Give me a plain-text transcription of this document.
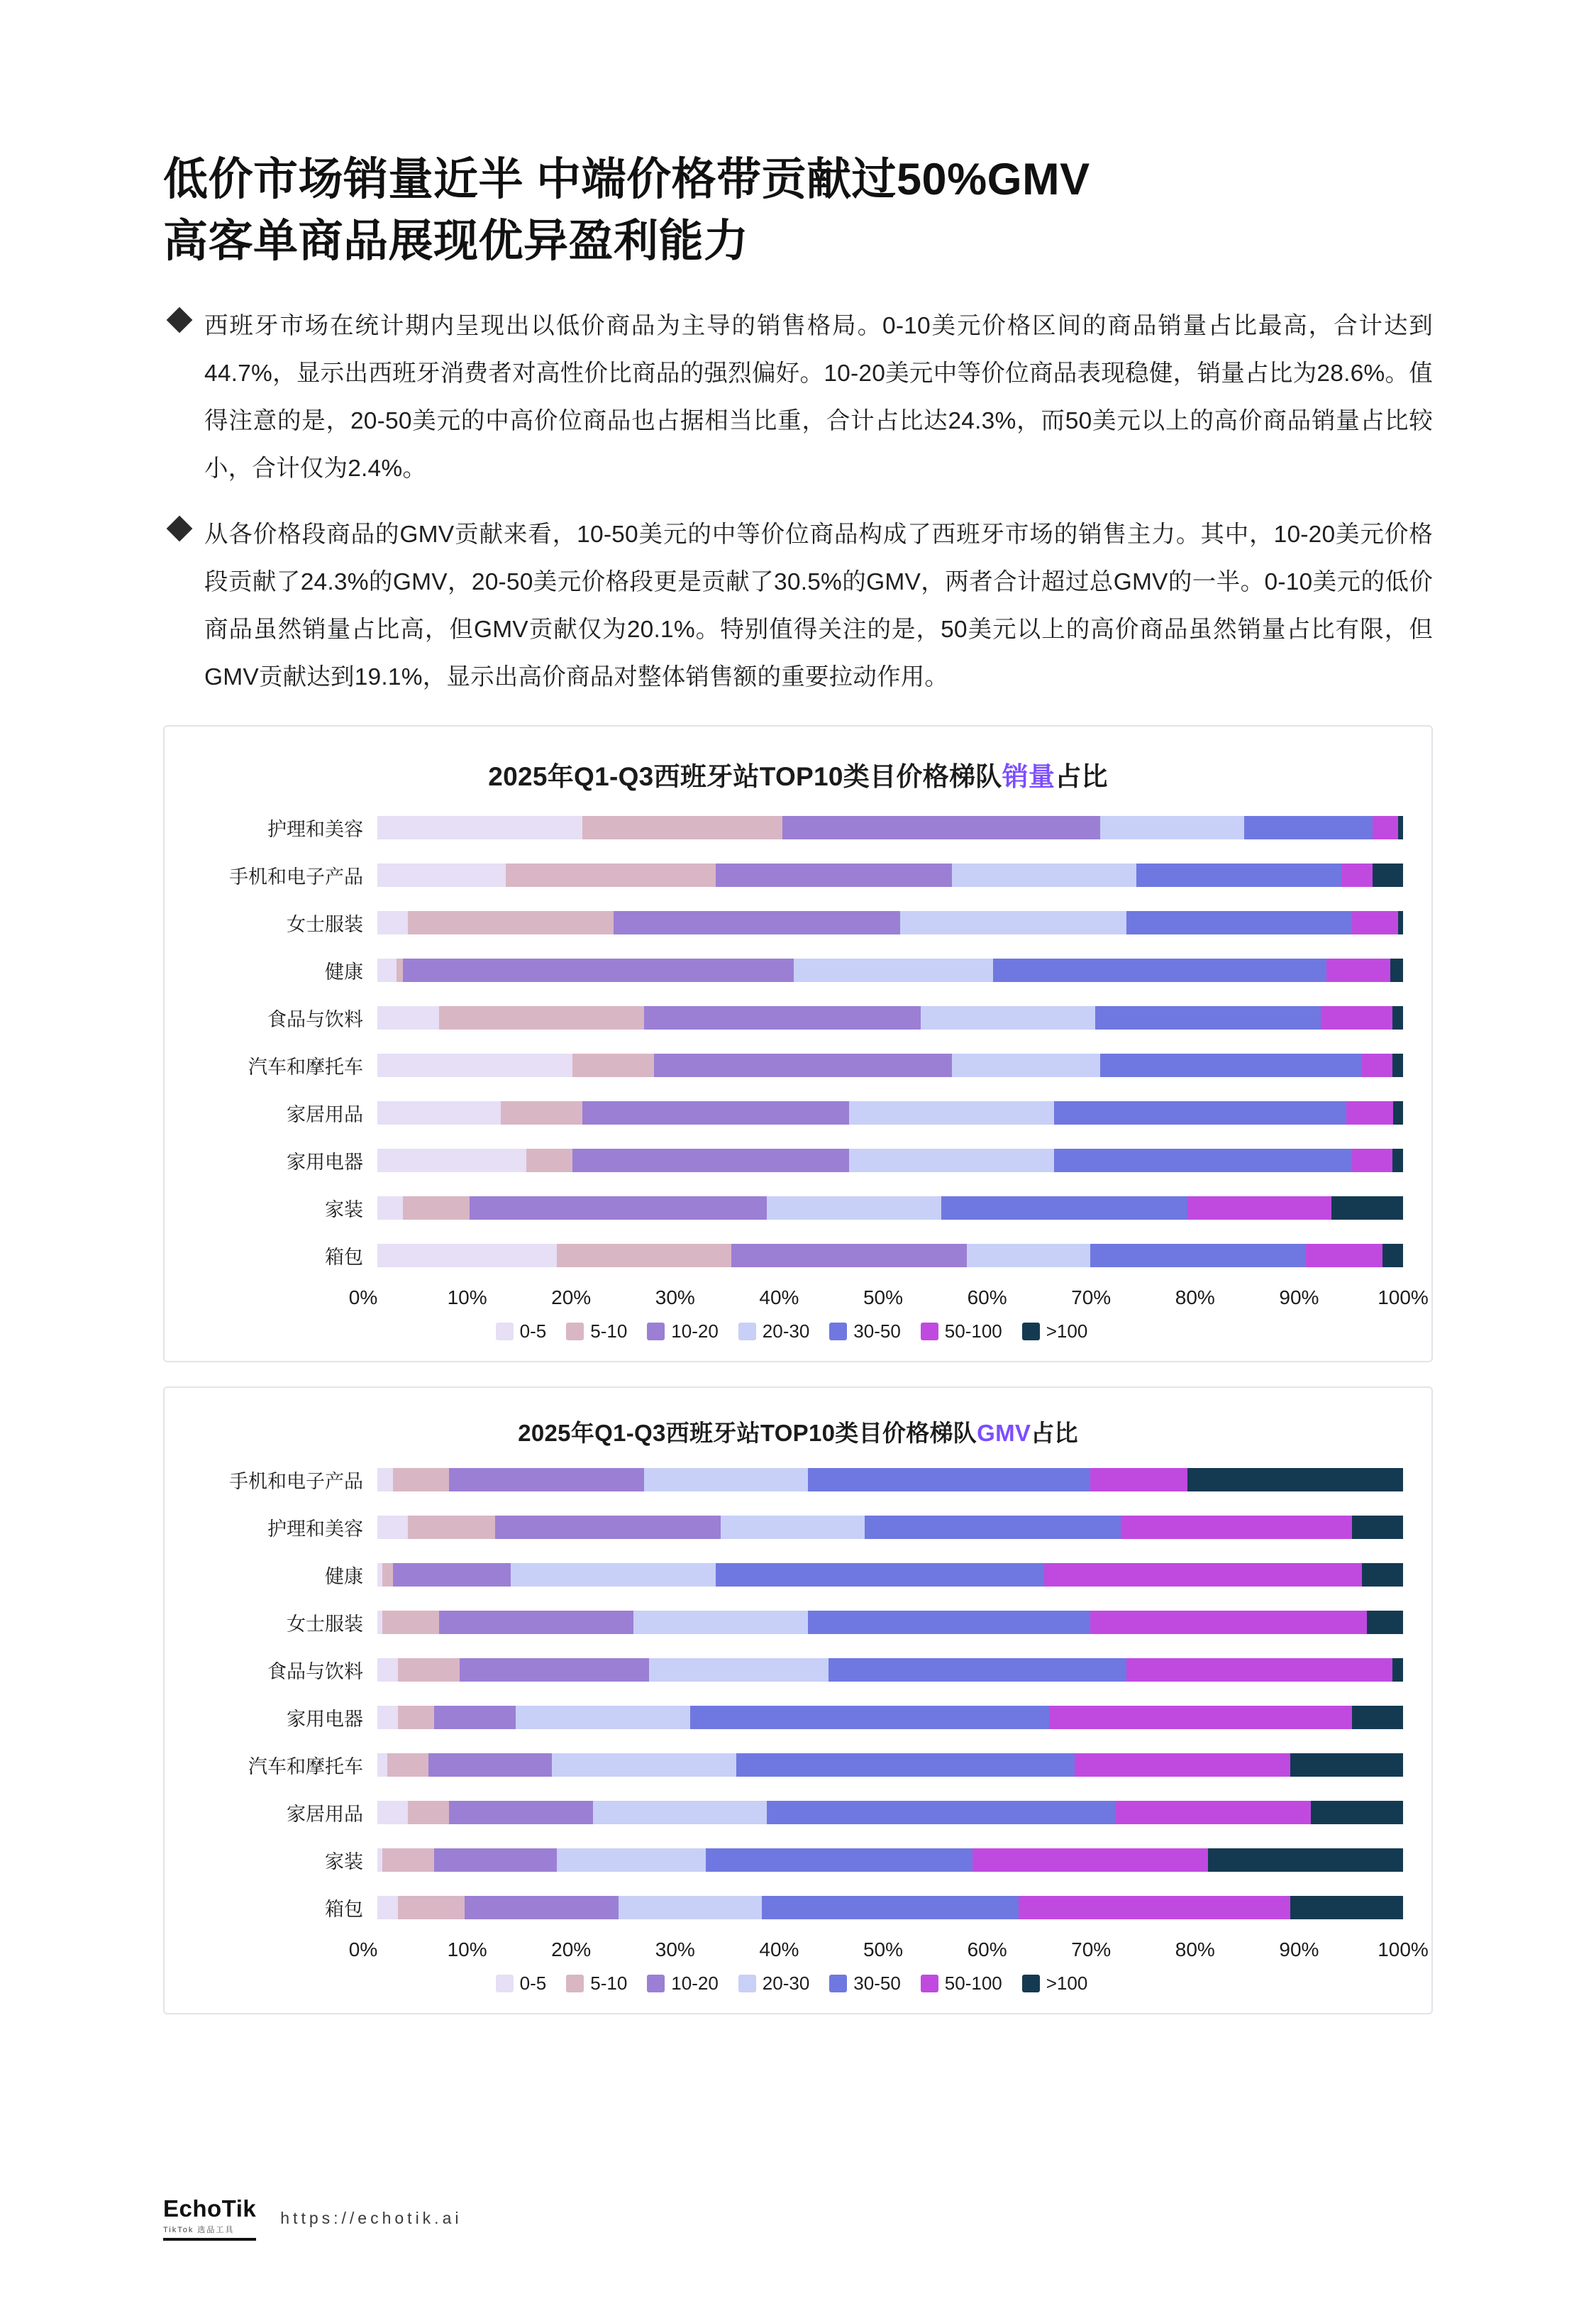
低价市场销量近半 中端价格带贡献过50%GMV
高客单商品展现优异盈利能力
西班牙市场在统计期内呈现出以低价商品为主导的销售格局。0-10美元价格区间的商品销量占比最高，合计达到44.7%，显示出西班牙消费者对高性价比商品的强烈偏好。10-20美元中等价位商品表现稳健，销量占比为28.6%。值得注意的是，20-50美元的中高价位商品也占据相当比重，合计占比达24.3%，而50美元以上的高价商品销量占比较小，合计仅为2.4%。
从各价格段商品的GMV贡献来看，10-50美元的中等价位商品构成了西班牙市场的销售主力。其中，10-20美元价格段贡献了24.3%的GMV，20-50美元价格段更是贡献了30.5%的GMV，两者合计超过总GMV的一半。0-10美元的低价商品虽然销量占比高，但GMV贡献仅为20.1%。特别值得关注的是，50美元以上的高价商品虽然销量占比有限，但GMV贡献达到19.1%，显示出高价商品对整体销售额的重要拉动作用。
2025年Q1-Q3西班牙站TOP10类目价格梯队销量占比
护理和美容
手机和电子产品
女士服装
健康
食品与饮料
汽车和摩托车
家居用品
家用电器
家装
箱包
0%	10%	20%	30%	40%	50%	60%	70%	80%	90%	100%
0-5 5-10 10-20 20-30 30-50 50-100 >100
2025年Q1-Q3西班牙站TOP10类目价格梯队GMV占比
手机和电子产品
护理和美容
健康
女士服装
食品与饮料
家用电器
汽车和摩托车
家居用品
家装
箱包
0%	10%	20%	30%	40%	50%	60%	70%	80%	90%	100%
0-5 5-10 10-20 20-30 30-50 50-100 >100
EchoTik
TikTok 选品工具
https://echotik.ai
